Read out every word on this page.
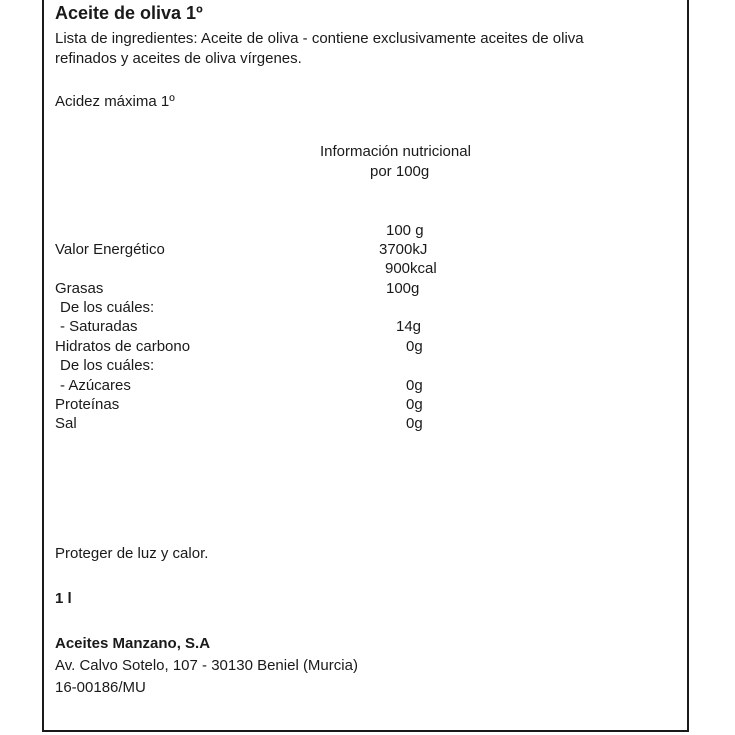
Aceite de oliva 1º
Lista de ingredientes: Aceite de oliva - contiene exclusivamente aceites de oliva
refinados y aceites de oliva vírgenes.
Acidez máxima 1º
Información nutricional
por 100g
100 g
Valor Energético	3700kJ
900kcal
Grasas	100g
De los cuáles:
- Saturadas	14g
Hidratos de carbono	0g
De los cuáles:
- Azúcares	0g
Proteínas	0g
Sal	0g
Proteger de luz y calor.
1 l
Aceites Manzano, S.A
Av. Calvo Sotelo, 107 - 30130 Beniel (Murcia)
16-00186/MU
